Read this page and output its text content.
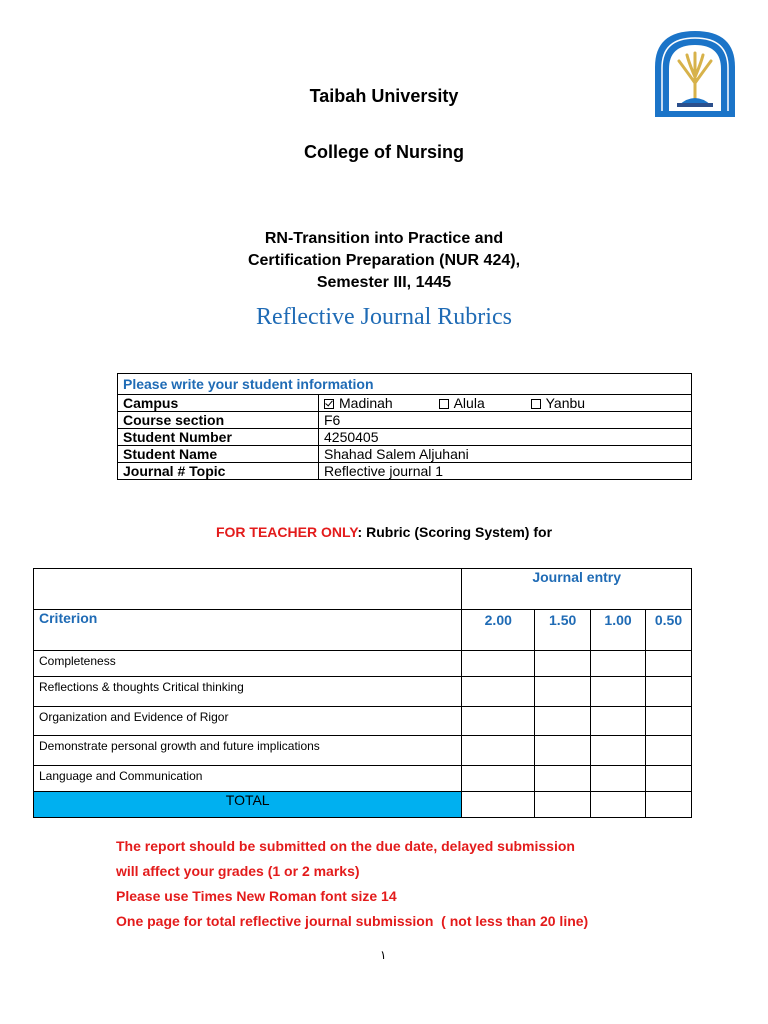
Taibah University
College of Nursing
RN-Transition into Practice and
Certification Preparation (NUR 424),
Semester III, 1445
Reflective Journal Rubrics
Please write your student information	
Campus	Madinah Alula Yanbu
Course section	F6
Student Number	4250405
Student Name	Shahad Salem Aljuhani
Journal # Topic	Reflective journal 1
FOR TEACHER ONLY: Rubric (Scoring System) for
	Journal entry			
Criterion	2.00	1.50	1.00	0.50
Completeness				
Reflections & thoughts Critical thinking				
Organization and Evidence of Rigor				
Demonstrate personal growth and future implications				
Language and Communication				
TOTAL				
The report should be submitted on the due date, delayed submission
will affect your grades (1 or 2 marks)
Please use Times New Roman font size 14
One page for total reflective journal submission  ( not less than 20 line)
١
